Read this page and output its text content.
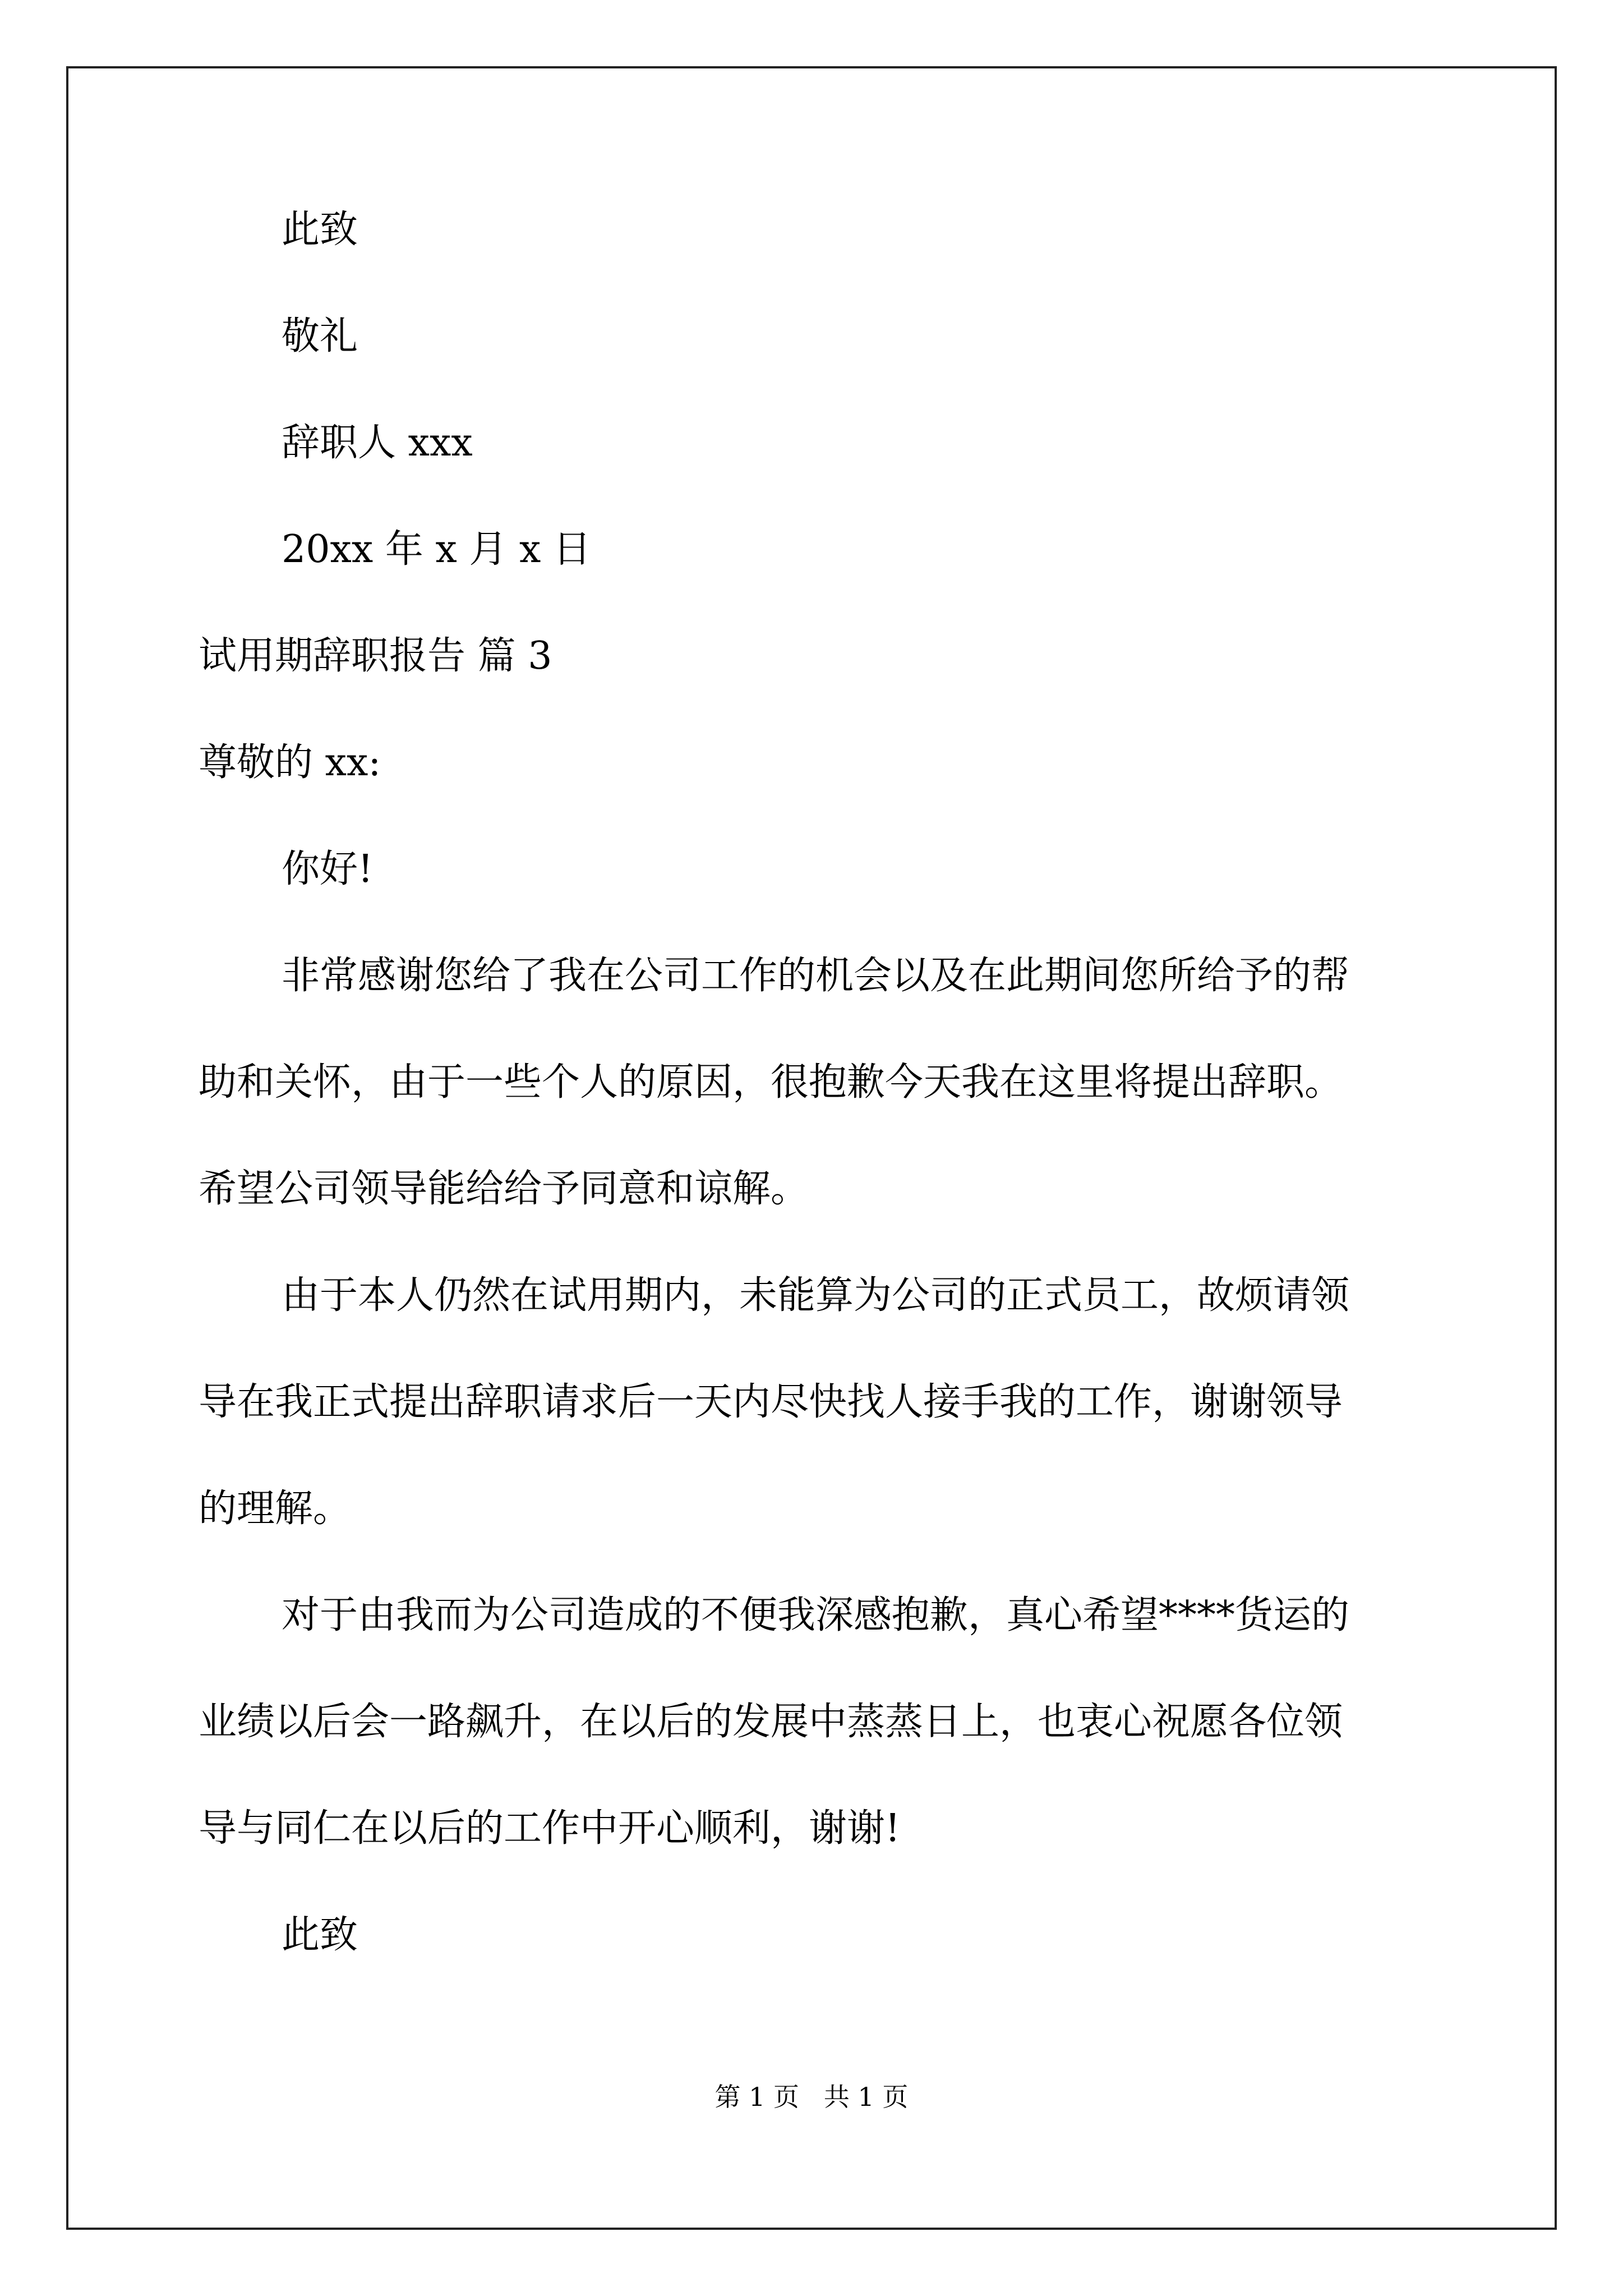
此致
敬礼
辞职人 xxx
20xx 年 x 月 x 日
试用期辞职报告 篇 3
尊敬的 xx:
你好!
非常感谢您给了我在公司工作的机会以及在此期间您所给予的帮
助和关怀，由于一些个人的原因，很抱歉今天我在这里将提出辞职。
希望公司领导能给给予同意和谅解。
由于本人仍然在试用期内，未能算为公司的正式员工，故烦请领
导在我正式提出辞职请求后一天内尽快找人接手我的工作，谢谢领导
的理解。
对于由我而为公司造成的不便我深感抱歉，真心希望****货运的
业绩以后会一路飙升，在以后的发展中蒸蒸日上，也衷心祝愿各位领
导与同仁在以后的工作中开心顺利，谢谢!
此致
第 1 页   共 1 页
